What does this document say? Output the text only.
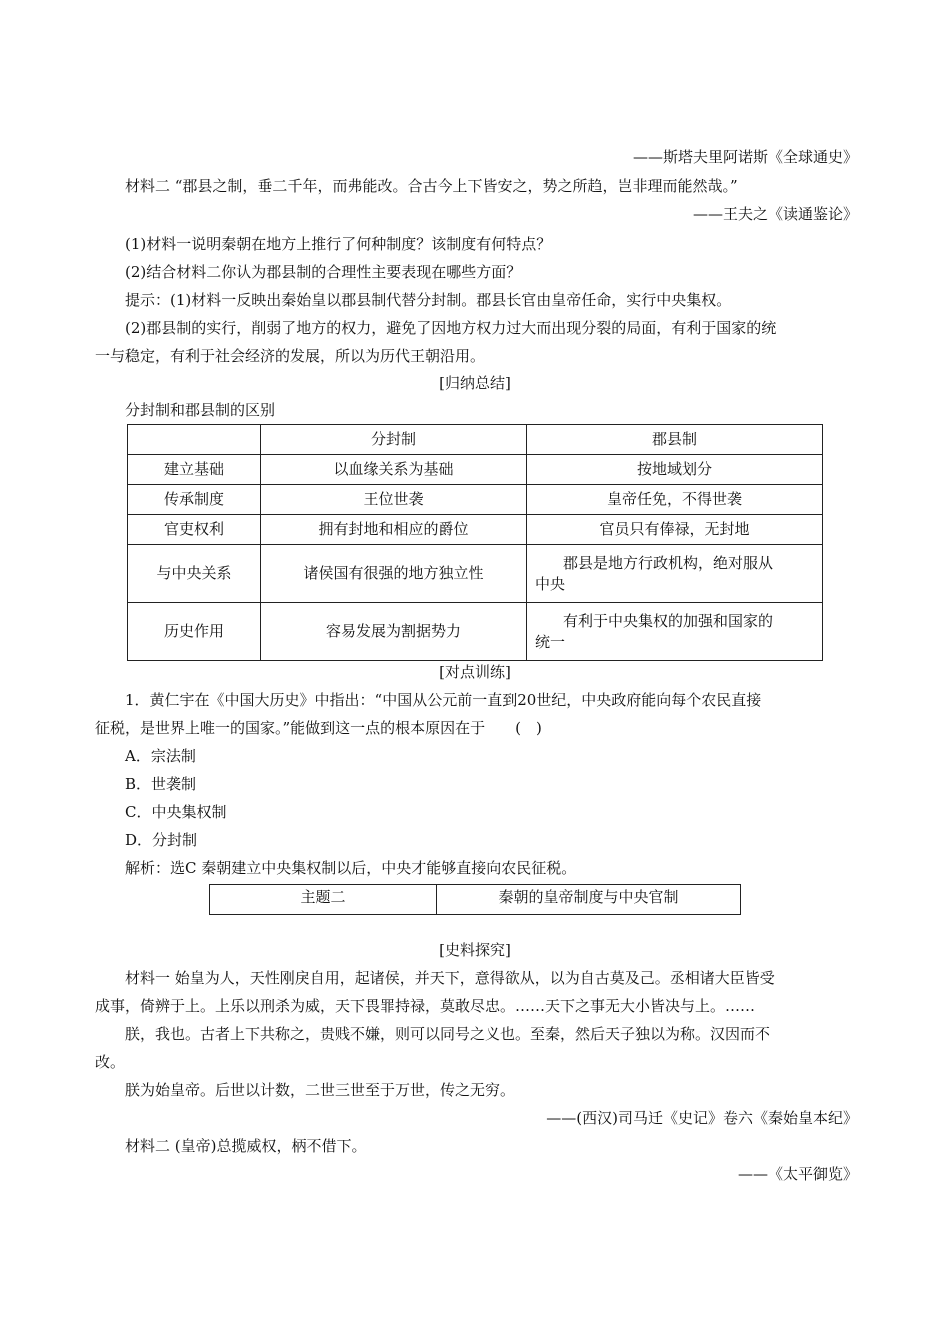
——斯塔夫里阿诺斯《全球通史》
材料二 “郡县之制，垂二千年，而弗能改。合古今上下皆安之，势之所趋，岂非理而能然哉。”
——王夫之《读通鉴论》
(1)材料一说明秦朝在地方上推行了何种制度？该制度有何特点？
(2)结合材料二你认为郡县制的合理性主要表现在哪些方面？
提示：(1)材料一反映出秦始皇以郡县制代替分封制。郡县长官由皇帝任命，实行中央集权。
(2)郡县制的实行，削弱了地方的权力，避免了因地方权力过大而出现分裂的局面，有利于国家的统
一与稳定，有利于社会经济的发展，所以为历代王朝沿用。
[归纳总结]
分封制和郡县制的区别
	分封制	郡县制
建立基础	以血缘关系为基础	按地域划分
传承制度	王位世袭	皇帝任免，不得世袭
官吏权利	拥有封地和相应的爵位	官员只有俸禄，无封地
与中央关系	诸侯国有很强的地方独立性	郡县是地方行政机构，绝对服从
中央

历史作用	容易发展为割据势力	有利于中央集权的加强和国家的
统一
[对点训练]
1．黄仁宇在《中国大历史》中指出：“中国从公元前一直到20世纪，中央政府能向每个农民直接
征税，是世界上唯一的国家。”能做到这一点的根本原因在于　　(　)
A．宗法制
B．世袭制
C．中央集权制
D．分封制
解析：选C 秦朝建立中央集权制以后，中央才能够直接向农民征税。
主题二	秦朝的皇帝制度与中央官制
[史料探究]
材料一 始皇为人，天性刚戾自用，起诸侯，并天下，意得欲从，以为自古莫及己。丞相诸大臣皆受
成事，倚辨于上。上乐以刑杀为威，天下畏罪持禄，莫敢尽忠。……天下之事无大小皆决与上。……
朕，我也。古者上下共称之，贵贱不嫌，则可以同号之义也。至秦，然后天子独以为称。汉因而不
改。
朕为始皇帝。后世以计数，二世三世至于万世，传之无穷。
——(西汉)司马迁《史记》卷六《秦始皇本纪》
材料二 (皇帝)总揽威权，柄不借下。
——《太平御览》
